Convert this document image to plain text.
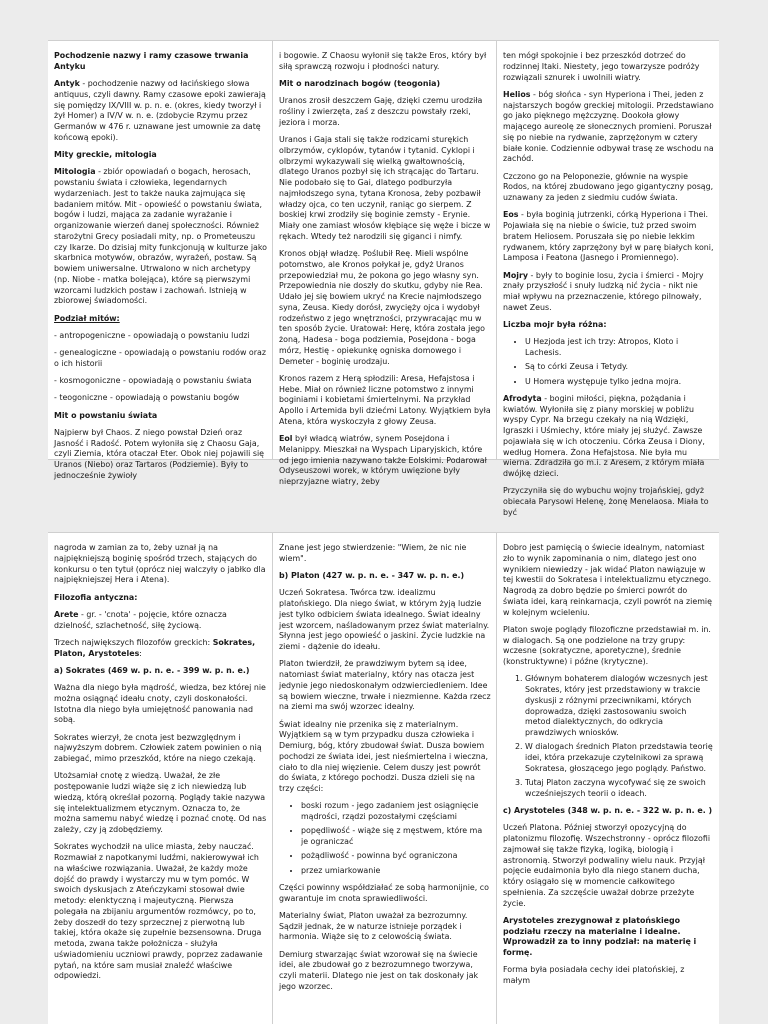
Pochodzenie nazwy i ramy czasowe trwania Antyku

Antyk - pochodzenie nazwy od łacińskiego słowa antiquus, czyli dawny. Ramy czasowe epoki zawierają się pomiędzy IX/VIII w. p. n. e. (okres, kiedy tworzył i żył Homer) a IV/V w. n. e. (zdobycie Rzymu przez Germanów w 476 r. uznawane jest umownie za datę końcową epoki).

Mity greckie, mitologia

Mitologia - zbiór opowiadań o bogach, herosach, powstaniu świata i człowieka, legendarnych wydarzeniach. Jest to także nauka zajmująca się badaniem mitów. Mit - opowieść o powstaniu świata, bogów i ludzi, mająca za zadanie wyrażanie i organizowanie wierzeń danej społeczności. Również starożytni Grecy posiadali mity, np. o Prometeuszu czy Ikarze. Do dzisiaj mity funkcjonują w kulturze jako skarbnica motywów, obrazów, wyrażeń, postaw. Są bowiem uniwersalne. Utrwalono w nich archetypy (np. Niobe - matka bolejąca), które są pierwszymi wzorcami ludzkich postaw i zachowań. Istnieją w zbiorowej świadomości.

Podział mitów:

- antropogeniczne - opowiadają o powstaniu ludzi

- genealogiczne - opowiadają o powstaniu rodów oraz o ich historii

- kosmogoniczne - opowiadają o powstaniu świata

- teogoniczne - opowiadają o powstaniu bogów

Mit o powstaniu świata

Najpierw był Chaos. Z niego powstał Dzień oraz Jasność i Radość. Potem wyłoniła się z Chaosu Gaja, czyli Ziemia, która otaczał Eter. Obok niej pojawili się Uranos (Niebo) oraz Tartaros (Podziemie). Były to jednocześnie żywioły

i bogowie. Z Chaosu wyłonił się także Eros, który był siłą sprawczą rozwoju i płodności natury.

Mit o narodzinach bogów (teogonia)

Uranos zrosił deszczem Gaję, dzięki czemu urodziła rośliny i zwierzęta, zaś z deszczu powstały rzeki, jeziora i morza.

Uranos i Gaja stali się także rodzicami sturękich olbrzymów, cyklopów, tytanów i tytanid. Cyklopi i olbrzymi wykazywali się wielką gwałtownością, dlatego Uranos pozbył się ich strącając do Tartaru. Nie podobało się to Gai, dlatego podburzyła najmłodszego syna, tytana Kronosa, żeby pozbawił władzy ojca, co ten uczynił, raniąc go sierpem. Z boskiej krwi zrodziły się boginie zemsty - Erynie. Miały one zamiast włosów kłębiące się węże i bicze w rękach. Wtedy też narodzili się giganci i nimfy.

Kronos objął władzę. Poślubił Reę. Mieli wspólne potomstwo, ale Kronos połykał je, gdyż Uranos przepowiedział mu, że pokona go jego własny syn. Przepowiednia nie doszły do skutku, gdyby nie Rea. Udało jej się bowiem ukryć na Krecie najmłodszego syna, Zeusa. Kiedy dorósł, zwycięży ojca i wydobył rodzeństwo z jego wnętrzności, przywracając mu w ten sposób życie. Uratował: Herę, która została jego żoną, Hadesa - boga podziemia, Posejdona - boga mórz, Hestię - opiekunkę ogniska domowego i Demeter - boginię urodzaju.

Kronos razem z Herą spłodzili: Aresa, Hefajstosa i Hebe. Miał on również liczne potomstwo z innymi boginiami i kobietami śmiertelnymi. Na przykład Apollo i Artemida byli dziećmi Latony. Wyjątkiem była Atena, która wyskoczyła z głowy Zeusa.

Eol był władcą wiatrów, synem Posejdona i Melanippy. Mieszkał na Wyspach Liparyjskich, które od jego imienia nazywano także Eolskimi. Podarował Odyseuszowi worek, w którym uwięzione były nieprzyjazne wiatry, żeby

ten mógł spokojnie i bez przeszkód dotrzeć do rodzinnej Itaki. Niestety, jego towarzysze podróży rozwiązali sznurek i uwolnili wiatry.

Helios - bóg słońca - syn Hyperiona i Thei, jeden z najstarszych bogów greckiej mitologii. Przedstawiano go jako pięknego mężczyznę. Dookoła głowy mającego aureolę ze słonecznych promieni. Poruszał się po niebie na rydwanie, zaprzężonym w cztery białe konie. Codziennie odbywał trasę ze wschodu na zachód.

Czczono go na Peloponezie, głównie na wyspie Rodos, na której zbudowano jego gigantyczny posąg, uznawany za jeden z siedmiu cudów świata.

Eos - była boginią jutrzenki, córką Hyperiona i Thei. Pojawiała się na niebie o świcie, tuż przed swoim bratem Heliosem. Poruszała się po niebie lekkim rydwanem, który zaprzężony był w parę białych koni, Lamposa i Featona (Jasnego i Promiennego).

Mojry - były to boginie losu, życia i śmierci - Mojry znały przyszłość i snuły ludzką nić życia - nikt nie miał wpływu na przeznaczenie, którego pilnowały, nawet Zeus.

Liczba mojr była różna:

• U Hezjoda jest ich trzy: Atropos, Kloto i Lachesis.
• Są to córki Zeusa i Tetydy.
• U Homera występuje tylko jedna mojra.

Afrodyta - bogini miłości, piękna, pożądania i kwiatów. Wyłoniła się z piany morskiej w pobliżu wyspy Cypr. Na brzegu czekały na nią Wdzięki, Igraszki i Uśmiechy, które miały jej służyć. Zawsze pojawiała się w ich otoczeniu. Córka Zeusa i Diony, według Homera. Żona Hefajstosa. Nie była mu wierna. Zdradziła go m.i. z Aresem, z którym miała dwójkę dzieci.

Przyczyniła się do wybuchu wojny trojańskiej, gdyż obiecała Parysowi Helenę, żonę Menelaosa. Miała to być

nagroda w zamian za to, żeby uznał ją na najpiękniejszą boginię spośród trzech, stających do konkursu o ten tytuł (oprócz niej walczyły o jabłko dla najpiękniejszej Hera i Atena).

Filozofia antyczna:

Arete - gr. - 'cnota' - pojęcie, które oznacza dzielność, szlachetność, siłę życiową.

Trzech największych filozofów greckich: Sokrates, Platon, Arystoteles:

a) Sokrates (469 w. p. n. e. - 399 w. p. n. e.)

Ważna dla niego była mądrość, wiedza, bez której nie można osiągnąć ideału cnoty, czyli doskonałości. Istotna dla niego była umiejętność panowania nad sobą.

Sokrates wierzył, że cnota jest bezwzględnym i najwyższym dobrem. Człowiek zatem powinien o nią zabiegać, mimo przeszkód, które na niego czekają.

Utożsamiał cnotę z wiedzą. Uważał, że złe postępowanie ludzi wiąże się z ich niewiedzą lub wiedzą, którą określał pozorną. Poglądy takie nazywa się intelektualizmem etycznym. Oznacza to, że można samemu nabyć wiedzę i poznać cnotę. Od nas zależy, czy ją zdobędziemy.

Sokrates wychodził na ulice miasta, żeby nauczać. Rozmawiał z napotkanymi ludźmi, nakierowywał ich na właściwe rozwiązania. Uważał, że każdy może dojść do prawdy i wystarczy mu w tym pomóc. W swoich dyskusjach z Ateńczykami stosował dwie metody: elenktyczną i majeutyczną. Pierwsza polegała na zbijaniu argumentów rozmówcy, po to, żeby doszedł do tezy sprzecznej z pierwotną lub takiej, która okaże się zupełnie bezsensowna. Druga metoda, zwana także położnicza - służyła uświadomieniu uczniowi prawdy, poprzez zadawanie pytań, na które sam musiał znaleźć właściwe odpowiedzi.

Znane jest jego stwierdzenie: "Wiem, że nic nie wiem".

b) Platon (427 w. p. n. e. - 347 w. p. n. e.)

Uczeń Sokratesa. Twórca tzw. idealizmu platońskiego. Dla niego świat, w którym żyją ludzie jest tylko odbiciem świata idealnego. Świat idealny jest wzorcem, naśladowanym przez świat materialny. Słynna jest jego opowieść o jaskini. Życie ludzkie na ziemi - dążenie do ideału.

Platon twierdził, że prawdziwym bytem są idee, natomiast świat materialny, który nas otacza jest jedynie jego niedoskonałym odzwierciedleniem. Idee są bowiem wieczne, trwałe i niezmienne. Każda rzecz na ziemi ma swój wzorzec idealny.

Świat idealny nie przenika się z materialnym. Wyjątkiem są w tym przypadku dusza człowieka i Demiurg, bóg, który zbudował świat. Dusza bowiem pochodzi ze świata idei, jest nieśmiertelna i wieczna, ciało to dla niej więzienie. Celem duszy jest powrót do świata, z którego pochodzi. Dusza dzieli się na trzy części:

• boski rozum - jego zadaniem jest osiągnięcie mądrości, rządzi pozostałymi częściami
• popędliwość - wiąże się z męstwem, które ma je ograniczać
• pożądliwość - powinna być ograniczona
• przez umiarkowanie

Części powinny współdziałać ze sobą harmonijnie, co gwarantuje im cnota sprawiedliwości.

Materialny świat, Platon uważał za bezrozumny. Sądził jednak, że w naturze istnieje porządek i harmonia. Wiąże się to z celowością świata.

Demiurg stwarzając świat wzorował się na świecie idei, ale zbudował go z bezrozumnego tworzywa, czyli materii. Dlatego nie jest on tak doskonały jak jego wzorzec.

Dobro jest pamięcią o świecie idealnym, natomiast zło to wynik zapominania o nim, dlatego jest ono wynikiem niewiedzy - jak widać Platon nawiązuje w tej kwestii do Sokratesa i intelektualizmu etycznego. Nagrodą za dobro będzie po śmierci powrót do świata idei, karą reinkarnacja, czyli powrót na ziemię w kolejnym wcieleniu.

Platon swoje poglądy filozoficzne przedstawiał m. in. w dialogach. Są one podzielone na trzy grupy: wczesne (sokratyczne, aporetyczne), średnie (konstruktywne) i późne (krytyczne).

1. Głównym bohaterem dialogów wczesnych jest Sokrates, który jest przedstawiony w trakcie dyskusji z różnymi przeciwnikami, których doprowadza, dzięki zastosowaniu swoich metod dialektycznych, do odkrycia prawdziwych wniosków.
2. W dialogach średnich Platon przedstawia teorię idei, która przekazuje czytelnikowi za sprawą Sokratesa, głoszącego jego poglądy. Państwo.
3. Tutaj Platon zaczyna wycofywać się ze swoich wcześniejszych teorii o ideach.

c) Arystoteles (348 w. p. n. e. - 322 w. p. n. e. )

Uczeń Platona. Później stworzył opozycyjną do platonizmu filozofię. Wszechstronny - oprócz filozofii zajmował się także fizyką, logiką, biologią i astronomią. Stworzył podwaliny wielu nauk. Przyjął pojęcie eudaimonia było dla niego stanem ducha, który osiągało się w momencie całkowitego spełnienia. Za szczęście uważał dobrze przeżyte życie.

Arystoteles zrezygnował z platońskiego podziału rzeczy na materialne i idealne. Wprowadził za to inny podział: na materię i formę.

Forma była posiadała cechy idei platońskiej, z małym
